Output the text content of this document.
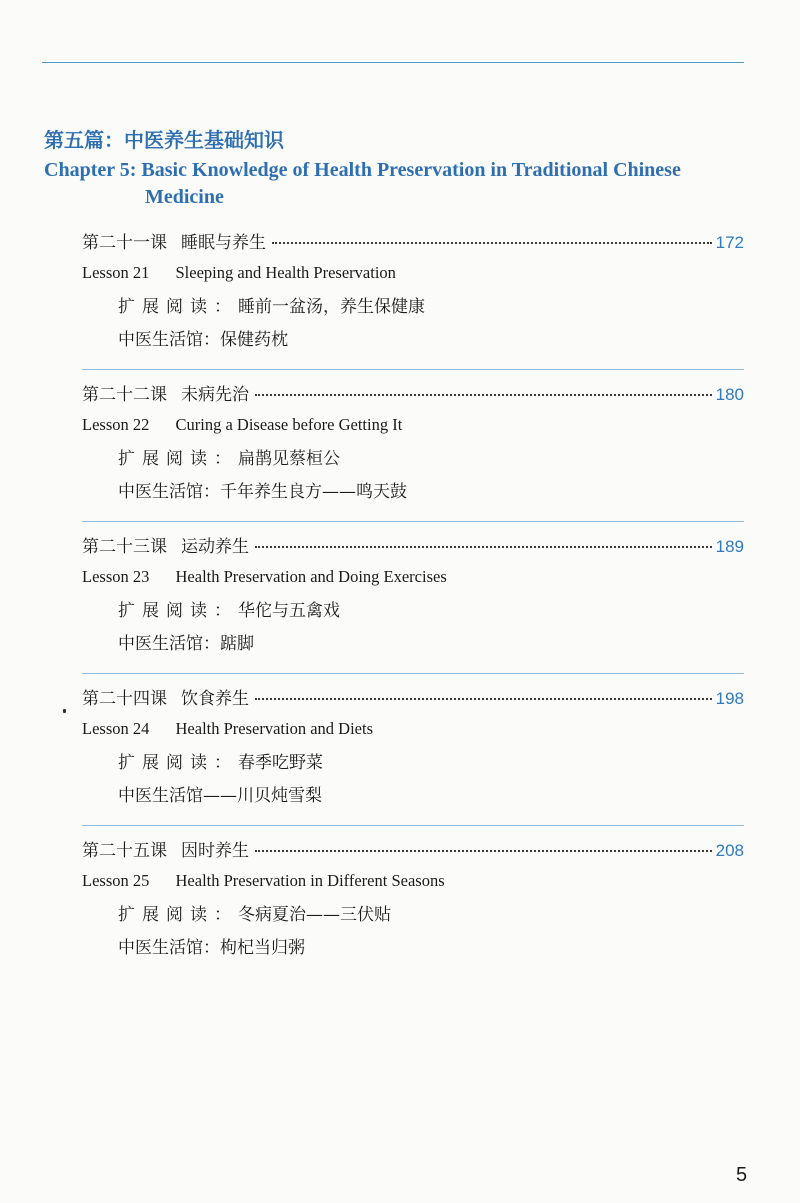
第五篇：中医养生基础知识
Chapter 5: Basic Knowledge of Health Preservation in Traditional Chinese
Medicine
第二十一课 睡眠与养生	172
Lesson 21 Sleeping and Health Preservation
扩展阅读：睡前一盆汤，养生保健康
中医生活馆：保健药枕
第二十二课 未病先治	180
Lesson 22 Curing a Disease before Getting It
扩展阅读：扁鹊见蔡桓公
中医生活馆：千年养生良方——鸣天鼓
第二十三课 运动养生	189
Lesson 23 Health Preservation and Doing Exercises
扩展阅读：华佗与五禽戏
中医生活馆：踮脚
第二十四课 饮食养生	198
Lesson 24 Health Preservation and Diets
扩展阅读：春季吃野菜
中医生活馆——川贝炖雪梨
第二十五课 因时养生	208
Lesson 25 Health Preservation in Different Seasons
扩展阅读：冬病夏治——三伏贴
中医生活馆：枸杞当归粥
5
